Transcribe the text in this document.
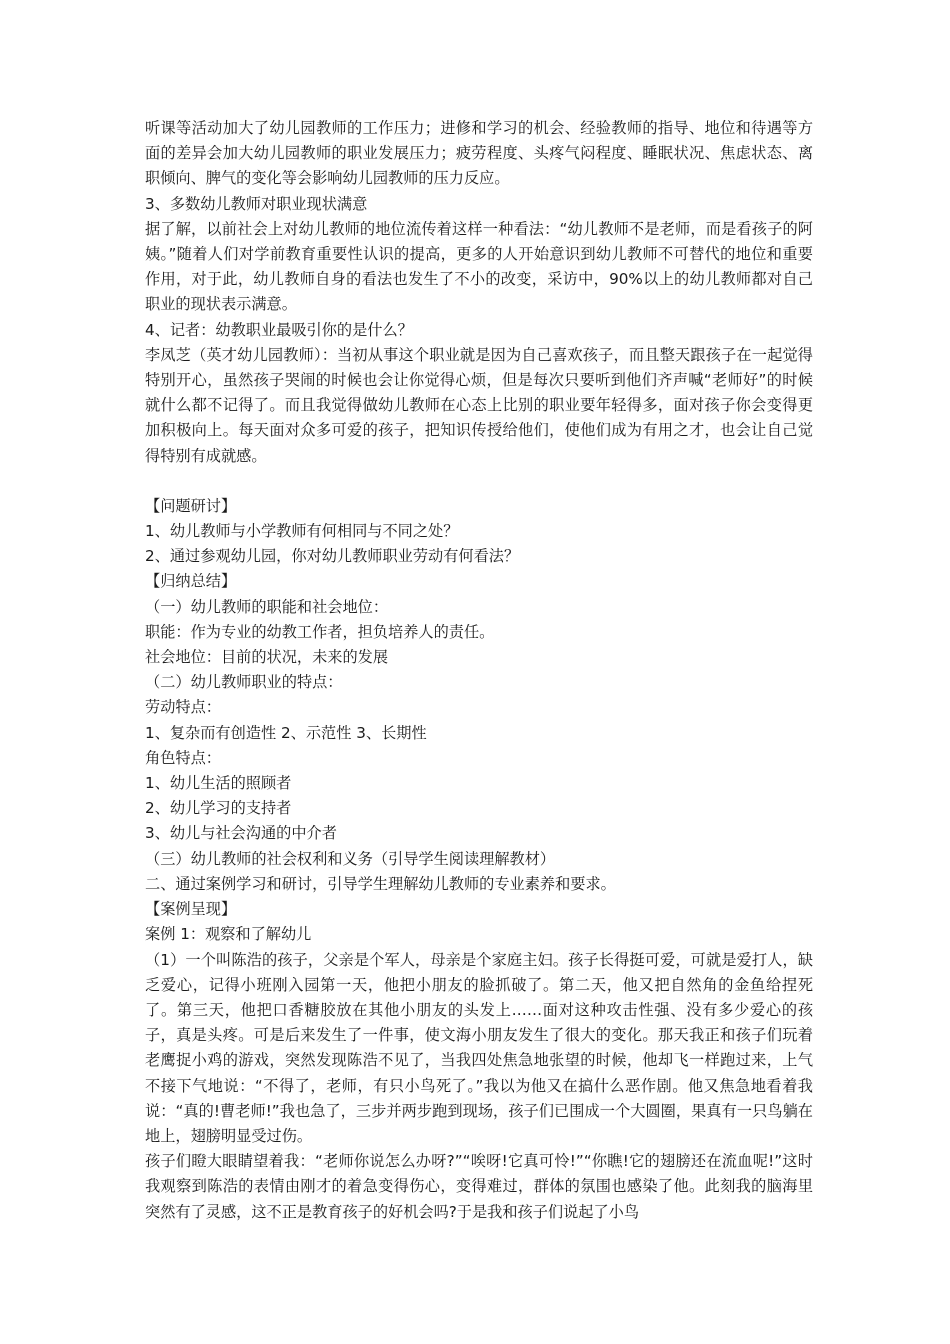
听课等活动加大了幼儿园教师的工作压力；进修和学习的机会、经验教师的指导、地位和待遇等方面的差异会加大幼儿园教师的职业发展压力；疲劳程度、头疼气闷程度、睡眠状况、焦虑状态、离职倾向、脾气的变化等会影响幼儿园教师的压力反应。

3、多数幼儿教师对职业现状满意

据了解，以前社会上对幼儿教师的地位流传着这样一种看法：“幼儿教师不是老师，而是看孩子的阿姨。”随着人们对学前教育重要性认识的提高，更多的人开始意识到幼儿教师不可替代的地位和重要作用，对于此，幼儿教师自身的看法也发生了不小的改变，采访中，90%以上的幼儿教师都对自己职业的现状表示满意。

4、记者：幼教职业最吸引你的是什么？

李凤芝（英才幼儿园教师）：当初从事这个职业就是因为自己喜欢孩子，而且整天跟孩子在一起觉得特别开心，虽然孩子哭闹的时候也会让你觉得心烦，但是每次只要听到他们齐声喊“老师好”的时候就什么都不记得了。而且我觉得做幼儿教师在心态上比别的职业要年轻得多，面对孩子你会变得更加积极向上。每天面对众多可爱的孩子，把知识传授给他们，使他们成为有用之才，也会让自己觉得特别有成就感。

【问题研讨】

1、幼儿教师与小学教师有何相同与不同之处？

2、通过参观幼儿园，你对幼儿教师职业劳动有何看法？

【归纳总结】

（一）幼儿教师的职能和社会地位：

职能：作为专业的幼教工作者，担负培养人的责任。

社会地位：目前的状况，未来的发展

（二）幼儿教师职业的特点：

劳动特点：

1、复杂而有创造性 2、示范性 3、长期性

角色特点：

1、幼儿生活的照顾者

2、幼儿学习的支持者

3、幼儿与社会沟通的中介者

（三）幼儿教师的社会权利和义务（引导学生阅读理解教材）

二、通过案例学习和研讨，引导学生理解幼儿教师的专业素养和要求。

【案例呈现】

案例 1：观察和了解幼儿

（1）一个叫陈浩的孩子，父亲是个军人，母亲是个家庭主妇。孩子长得挺可爱，可就是爱打人，缺乏爱心，记得小班刚入园第一天，他把小朋友的脸抓破了。第二天，他又把自然角的金鱼给捏死了。第三天，他把口香糖胶放在其他小朋友的头发上……面对这种攻击性强、没有多少爱心的孩子，真是头疼。可是后来发生了一件事，使文海小朋友发生了很大的变化。那天我正和孩子们玩着老鹰捉小鸡的游戏，突然发现陈浩不见了，当我四处焦急地张望的时候，他却飞一样跑过来，上气不接下气地说：“不得了，老师，有只小鸟死了。”我以为他又在搞什么恶作剧。他又焦急地看着我说：“真的!曹老师!”我也急了，三步并两步跑到现场，孩子们已围成一个大圆圈，果真有一只鸟躺在地上，翅膀明显受过伤。

孩子们瞪大眼睛望着我：“老师你说怎么办呀?”“唉呀!它真可怜!”“你瞧!它的翅膀还在流血呢!”这时我观察到陈浩的表情由刚才的着急变得伤心，变得难过，群体的氛围也感染了他。此刻我的脑海里突然有了灵感，这不正是教育孩子的好机会吗?于是我和孩子们说起了小鸟
